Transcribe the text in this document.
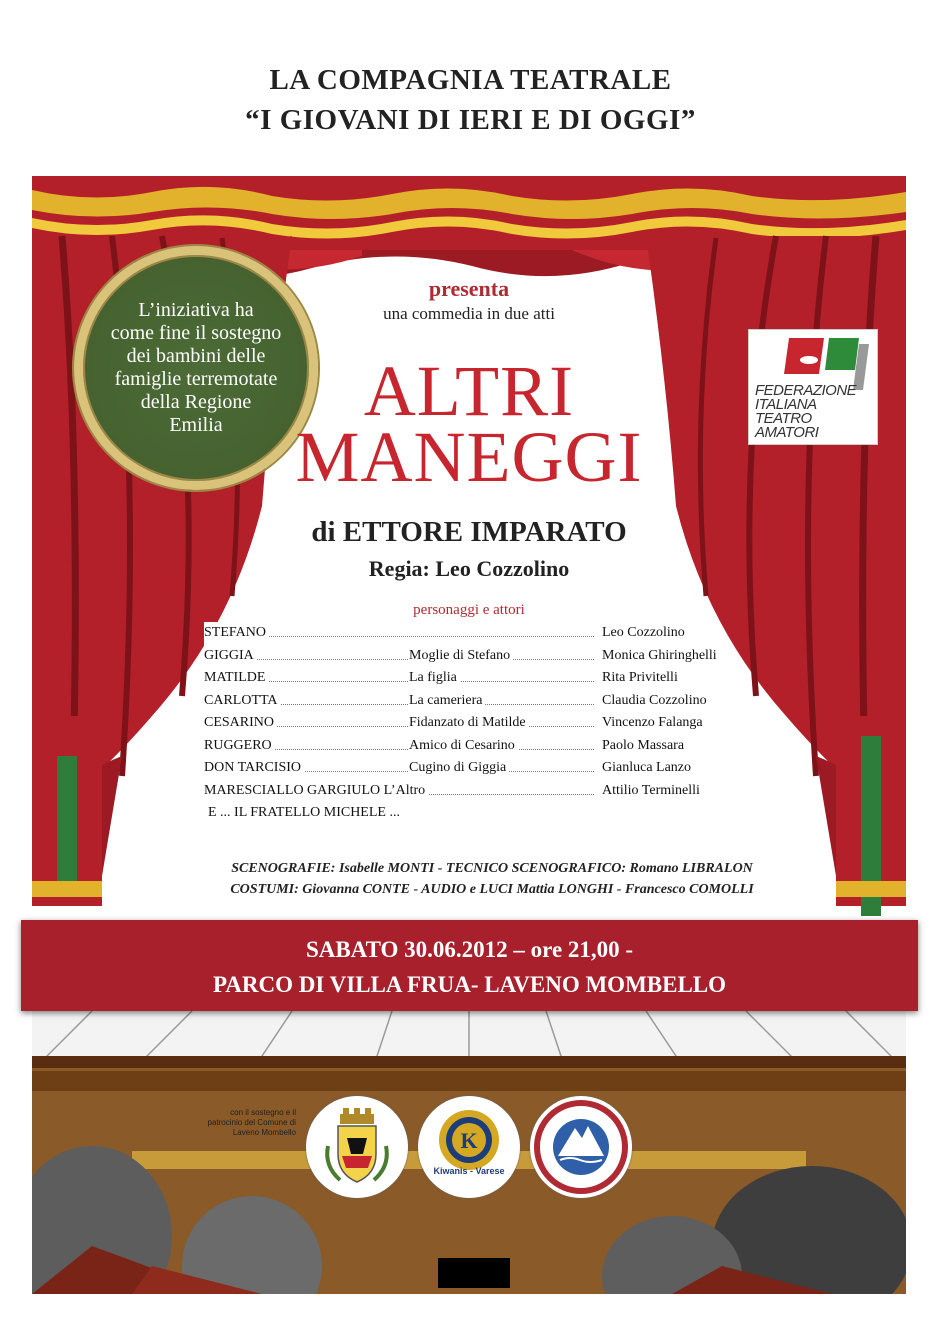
LA COMPAGNIA TEATRALE
“I GIOVANI DI IERI E DI OGGI”
L’iniziativa ha
come fine il sostegno
dei bambini delle
famiglie terremotate
della Regione
Emilia
FEDERAZIONE
ITALIANA
TEATRO
AMATORI
presenta
una commedia in due atti
ALTRI
MANEGGI
di ETTORE IMPARATO
Regia: Leo Cozzolino
personaggi e attori
STEFANO	Leo Cozzolino
GIGGIA	Moglie di Stefano	Monica Ghiringhelli
MATILDE	La figlia	Rita Privitelli
CARLOTTA	La cameriera	Claudia Cozzolino
CESARINO	Fidanzato di Matilde	Vincenzo Falanga
RUGGERO	Amico di Cesarino	Paolo Massara
DON TARCISIO	Cugino di Giggia	Gianluca Lanzo
MARESCIALLO GARGIULO L’Altro	Attilio Terminelli
E ... IL FRATELLO MICHELE ...
SCENOGRAFIE: Isabelle MONTI - TECNICO SCENOGRAFICO: Romano LIBRALON
COSTUMI: Giovanna CONTE - AUDIO e LUCI Mattia LONGHI - Francesco COMOLLI
SABATO 30.06.2012 – ore 21,00 -
PARCO DI VILLA FRUA- LAVENO MOMBELLO
con il sostegno e il
patrocinio del Comune di
Laveno Mombello	K
Kiwanis - Varese
